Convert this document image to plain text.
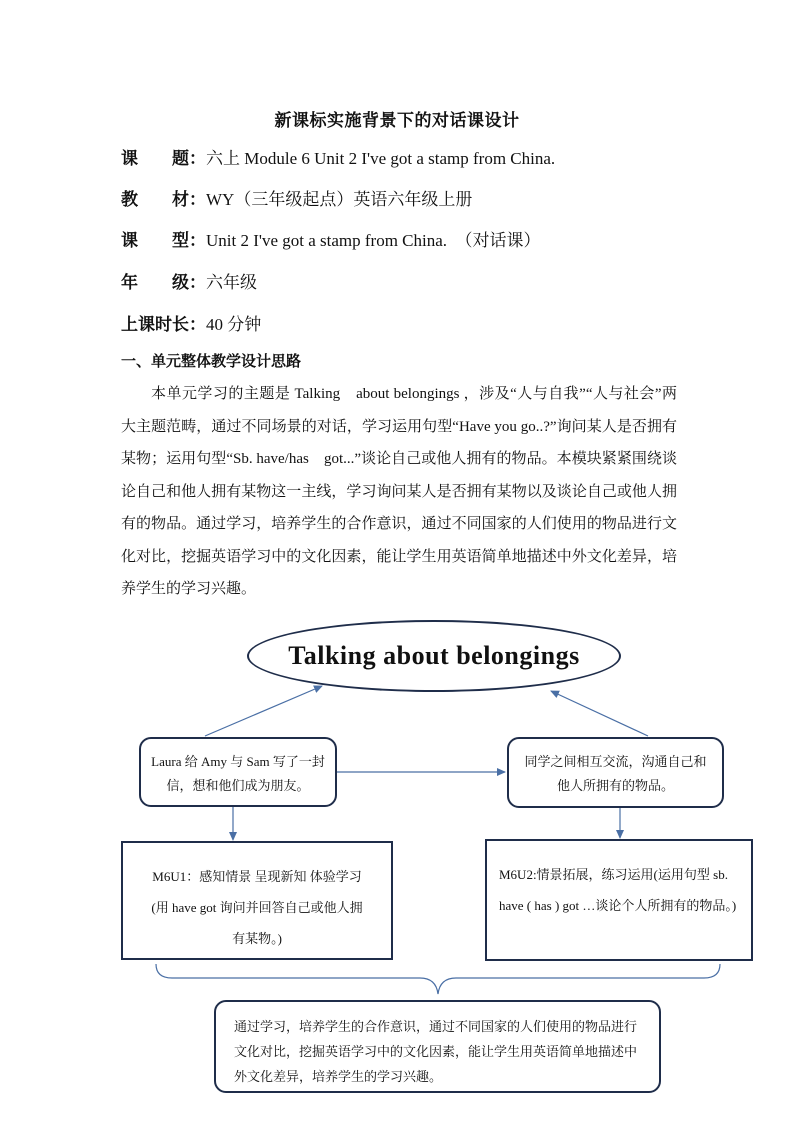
新课标实施背景下的对话课设计
课　　题：六上 Module 6 Unit 2 I've got a stamp from China.
教　　材：WY（三年级起点）英语六年级上册
课　　型：Unit 2 I've got a stamp from China.　（对话课）
年　　级：六年级
上课时长：40 分钟
一、单元整体教学设计思路
本单元学习的主题是 Talking　about belongings ，涉及“人与自我”“人与社会”两大主题范畴，通过不同场景的对话，学习运用句型“Have you go..?”询问某人是否拥有某物；运用句型“Sb. have/has　got...”谈论自己或他人拥有的物品。本模块紧紧围绕谈论自己和他人拥有某物这一主线，学习询问某人是否拥有某物以及谈论自己或他人拥有的物品。通过学习，培养学生的合作意识，通过不同国家的人们使用的物品进行文化对比，挖掘英语学习中的文化因素，能让学生用英语简单地描述中外文化差异，培养学生的学习兴趣。
Talking about belongings
Laura 给 Amy 与 Sam 写了一封信，想和他们成为朋友。
同学之间相互交流，沟通自己和他人所拥有的物品。
M6U1：感知情景 呈现新知 体验学习(用 have got 询问并回答自己或他人拥有某物。)
M6U2:情景拓展，练习运用(运用句型 sb. have ( has ) got …谈论个人所拥有的物品。)
通过学习，培养学生的合作意识，通过不同国家的人们使用的物品进行文化对比，挖掘英语学习中的文化因素，能让学生用英语简单地描述中外文化差异，培养学生的学习兴趣。
